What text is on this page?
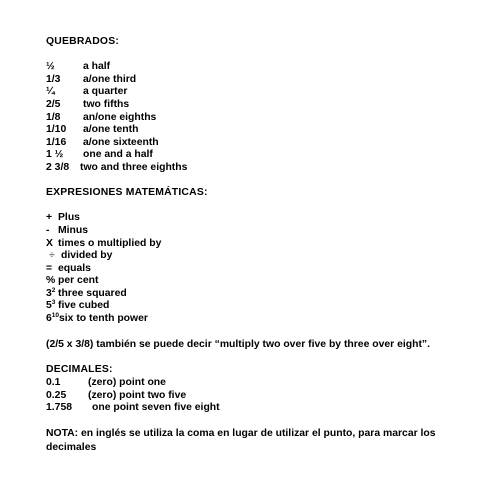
QUEBRADOS:
½	a half
1/3	a/one third
¼	a quarter
2/5	two fifths
1/8	an/one eighths
1/10	a/one tenth
1/16	a/one sixteenth
1 ½	one and a half
2 3/8	two and three eighths
EXPRESIONES MATEMÁTICAS:
+ Plus
- Minus
X times o multiplied by
÷ divided by
= equals
% per cent
$3^2$ three squared
$5^3$ five cubed
$6^{10}$ six to tenth power
(2/5 x 3/8) también se puede decir “multiply two over five by three over eight”.
DECIMALES:
0.1	(zero) point one
0.25	(zero) point two five
1.758	one point seven five eight
NOTA: en inglés se utiliza la coma en lugar de utilizar el punto, para marcar los decimales
